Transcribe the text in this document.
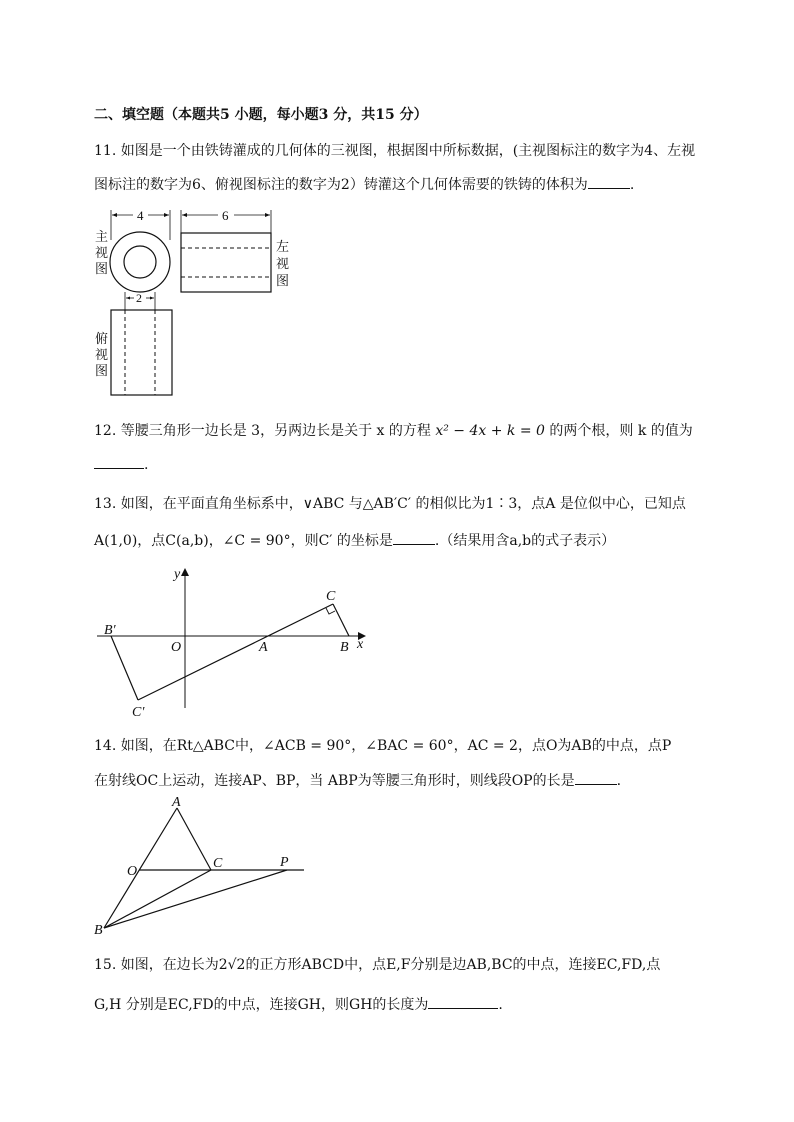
二、填空题（本题共5 小题，每小题3 分，共15 分）
11. 如图是一个由铁铸灌成的几何体的三视图，根据图中所标数据，(主视图标注的数字为4、左视
图标注的数字为6、俯视图标注的数字为2）铸灌这个几何体需要的铁铸的体积为	.
主
视
图
4	6
左
视
图
2
俯
视
图
12. 等腰三角形一边长是 3，另两边长是关于 x 的方程 x² − 4x + k = 0 的两个根，则 k 的值为
.
13. 如图，在平面直角坐标系中，∨ABC 与△AB′C′ 的相似比为1∶3，点A 是位似中心，已知点
A(1,0)，点C(a,b)，∠C = 90°，则C′ 的坐标是	.（结果用含a,b的式子表示）
y
x
O
C
A	B
B′
C′
14. 如图，在Rt△ABC中，∠ACB = 90°，∠BAC = 60°，AC = 2，点O为AB的中点，点P
在射线OC上运动，连接AP、BP，当 ABP为等腰三角形时，则线段OP的长是	.
A
O
C	P
B
15. 如图，在边长为2√2的正方形ABCD中，点E,F分别是边AB,BC的中点，连接EC,FD,点
G,H 分别是EC,FD的中点，连接GH，则GH的长度为	.
